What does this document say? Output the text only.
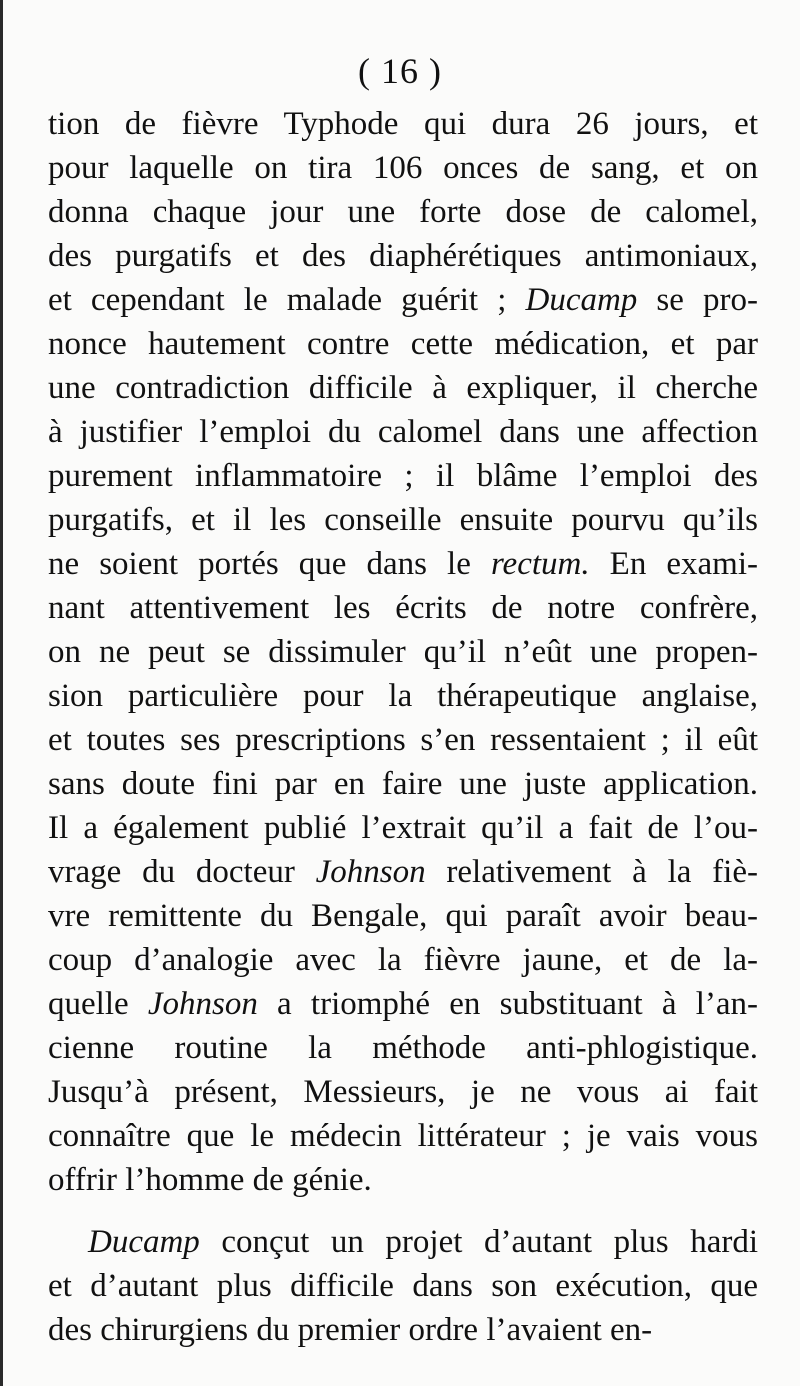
( 16 )
tion de fièvre Typhode qui dura 26 jours, et
pour laquelle on tira 106 onces de sang, et on
donna chaque jour une forte dose de calomel,
des purgatifs et des diaphérétiques antimoniaux,
et cependant le malade guérit ; Ducamp se pro-
nonce hautement contre cette médication, et par
une contradiction difficile à expliquer, il cherche
à justifier l’emploi du calomel dans une affection
purement inflammatoire ; il blâme l’emploi des
purgatifs, et il les conseille ensuite pourvu qu’ils
ne soient portés que dans le rectum. En exami-
nant attentivement les écrits de notre confrère,
on ne peut se dissimuler qu’il n’eût une propen-
sion particulière pour la thérapeutique anglaise,
et toutes ses prescriptions s’en ressentaient ; il eût
sans doute fini par en faire une juste application.
Il a également publié l’extrait qu’il a fait de l’ou-
vrage du docteur Johnson relativement à la fiè-
vre remittente du Bengale, qui paraît avoir beau-
coup d’analogie avec la fièvre jaune, et de la-
quelle Johnson a triomphé en substituant à l’an-
cienne routine la méthode anti-phlogistique.
Jusqu’à présent, Messieurs, je ne vous ai fait
connaître que le médecin littérateur ; je vais vous
offrir l’homme de génie.
Ducamp conçut un projet d’autant plus hardi
et d’autant plus difficile dans son exécution, que
des chirurgiens du premier ordre l’avaient en-
